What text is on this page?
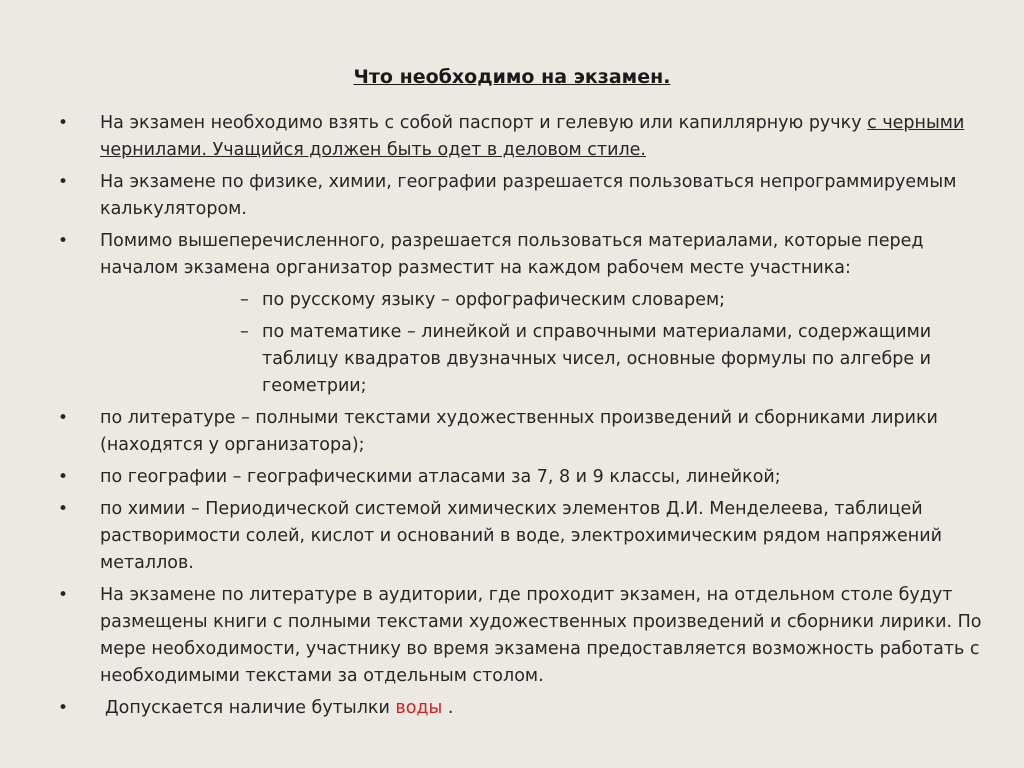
Что необходимо на экзамен.
•	На экзамен необходимо взять с собой паспорт и гелевую или капиллярную ручку с черными чернилами. Учащийся должен быть одет в деловом стиле.
•	На экзамене по физике, химии, географии разрешается пользоваться непрограммируемым калькулятором.
•	Помимо вышеперечисленного, разрешается пользоваться материалами, которые перед началом экзамена организатор разместит на каждом рабочем месте участника:
– по русскому языку – орфографическим словарем;
– по математике – линейкой и справочными материалами, содержащими таблицу квадратов двузначных чисел, основные формулы по алгебре и геометрии;
•	по литературе – полными текстами художественных произведений и сборниками лирики (находятся у организатора);
•	по географии – географическими атласами за 7, 8 и 9 классы, линейкой;
•	по химии – Периодической системой химических элементов Д.И. Менделеева, таблицей растворимости солей, кислот и оснований в воде, электрохимическим рядом напряжений металлов.
•	На экзамене по литературе в аудитории, где проходит экзамен, на отдельном столе будут размещены книги с полными текстами художественных произведений и сборники лирики. По мере необходимости, участнику во время экзамена предоставляется возможность работать с необходимыми текстами за отдельным столом.
•	Допускается наличие бутылки воды .
